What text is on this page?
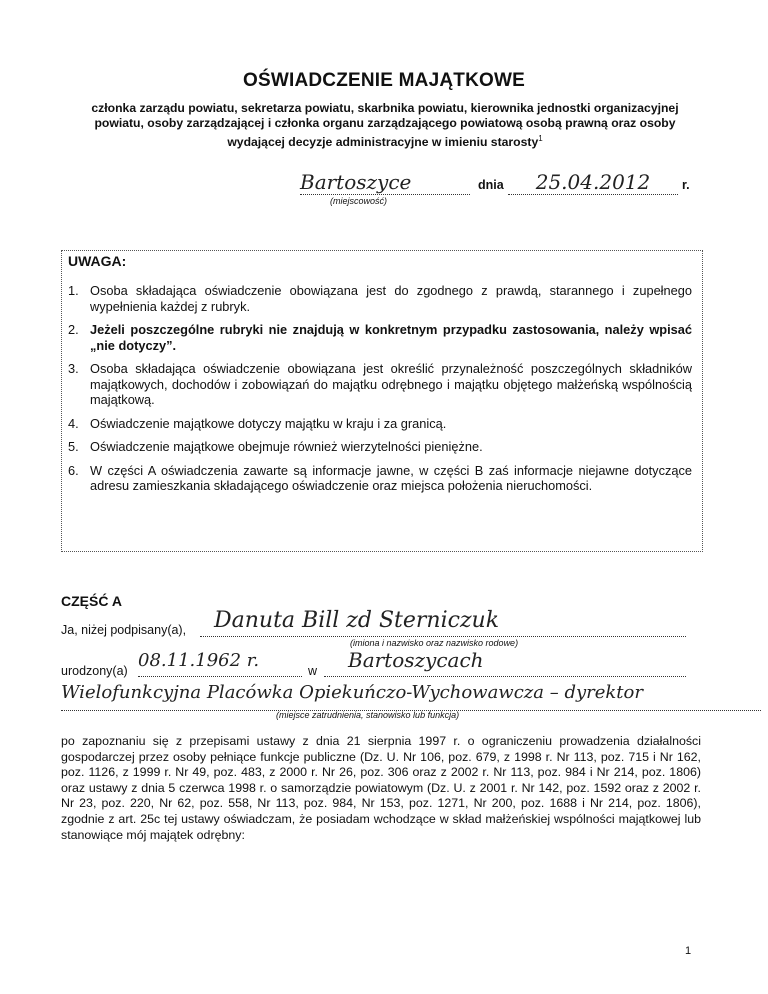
OŚWIADCZENIE MAJĄTKOWE
członka zarządu powiatu, sekretarza powiatu, skarbnika powiatu, kierownika jednostki organizacyjnej powiatu, osoby zarządzającej i członka organu zarządzającego powiatową osobą prawną oraz osoby wydającej decyzje administracyjne w imieniu starosty$^1$
Bartoszyce
(miejscowość)
dnia	25.04.2012	r.
UWAGA:
1. Osoba składająca oświadczenie obowiązana jest do zgodnego z prawdą, starannego i zupełnego wypełnienia każdej z rubryk.
2. Jeżeli poszczególne rubryki nie znajdują w konkretnym przypadku zastosowania, należy wpisać „nie dotyczy”.
3. Osoba składająca oświadczenie obowiązana jest określić przynależność poszczególnych składników majątkowych, dochodów i zobowiązań do majątku odrębnego i majątku objętego małżeńską wspólnością majątkową.
4. Oświadczenie majątkowe dotyczy majątku w kraju i za granicą.
5. Oświadczenie majątkowe obejmuje również wierzytelności pieniężne.
6. W części A oświadczenia zawarte są informacje jawne, w części B zaś informacje niejawne dotyczące adresu zamieszkania składającego oświadczenie oraz miejsca położenia nieruchomości.
CZĘŚĆ A
Ja, niżej podpisany(a),	Danuta Bill zd Sterniczuk
(imiona i nazwisko oraz nazwisko rodowe)
urodzony(a) 08.11.1962 r.	w	Bartoszycach
Wielofunkcyjna Placówka Opiekuńczo-Wychowawcza – dyrektor
(miejsce zatrudnienia, stanowisko lub funkcja)
po zapoznaniu się z przepisami ustawy z dnia 21 sierpnia 1997 r. o ograniczeniu prowadzenia działalności gospodarczej przez osoby pełniące funkcje publiczne (Dz. U. Nr 106, poz. 679, z 1998 r. Nr 113, poz. 715 i Nr 162, poz. 1126, z 1999 r. Nr 49, poz. 483, z 2000 r. Nr 26, poz. 306 oraz z 2002 r. Nr 113, poz. 984 i Nr 214, poz. 1806) oraz ustawy z dnia 5 czerwca 1998 r. o samorządzie powiatowym (Dz. U. z 2001 r. Nr 142, poz. 1592 oraz z 2002 r. Nr 23, poz. 220, Nr 62, poz. 558, Nr 113, poz. 984, Nr 153, poz. 1271, Nr 200, poz. 1688 i Nr 214, poz. 1806), zgodnie z art. 25c tej ustawy oświadczam, że posiadam wchodzące w skład małżeńskiej wspólności majątkowej lub stanowiące mój majątek odrębny:
1
